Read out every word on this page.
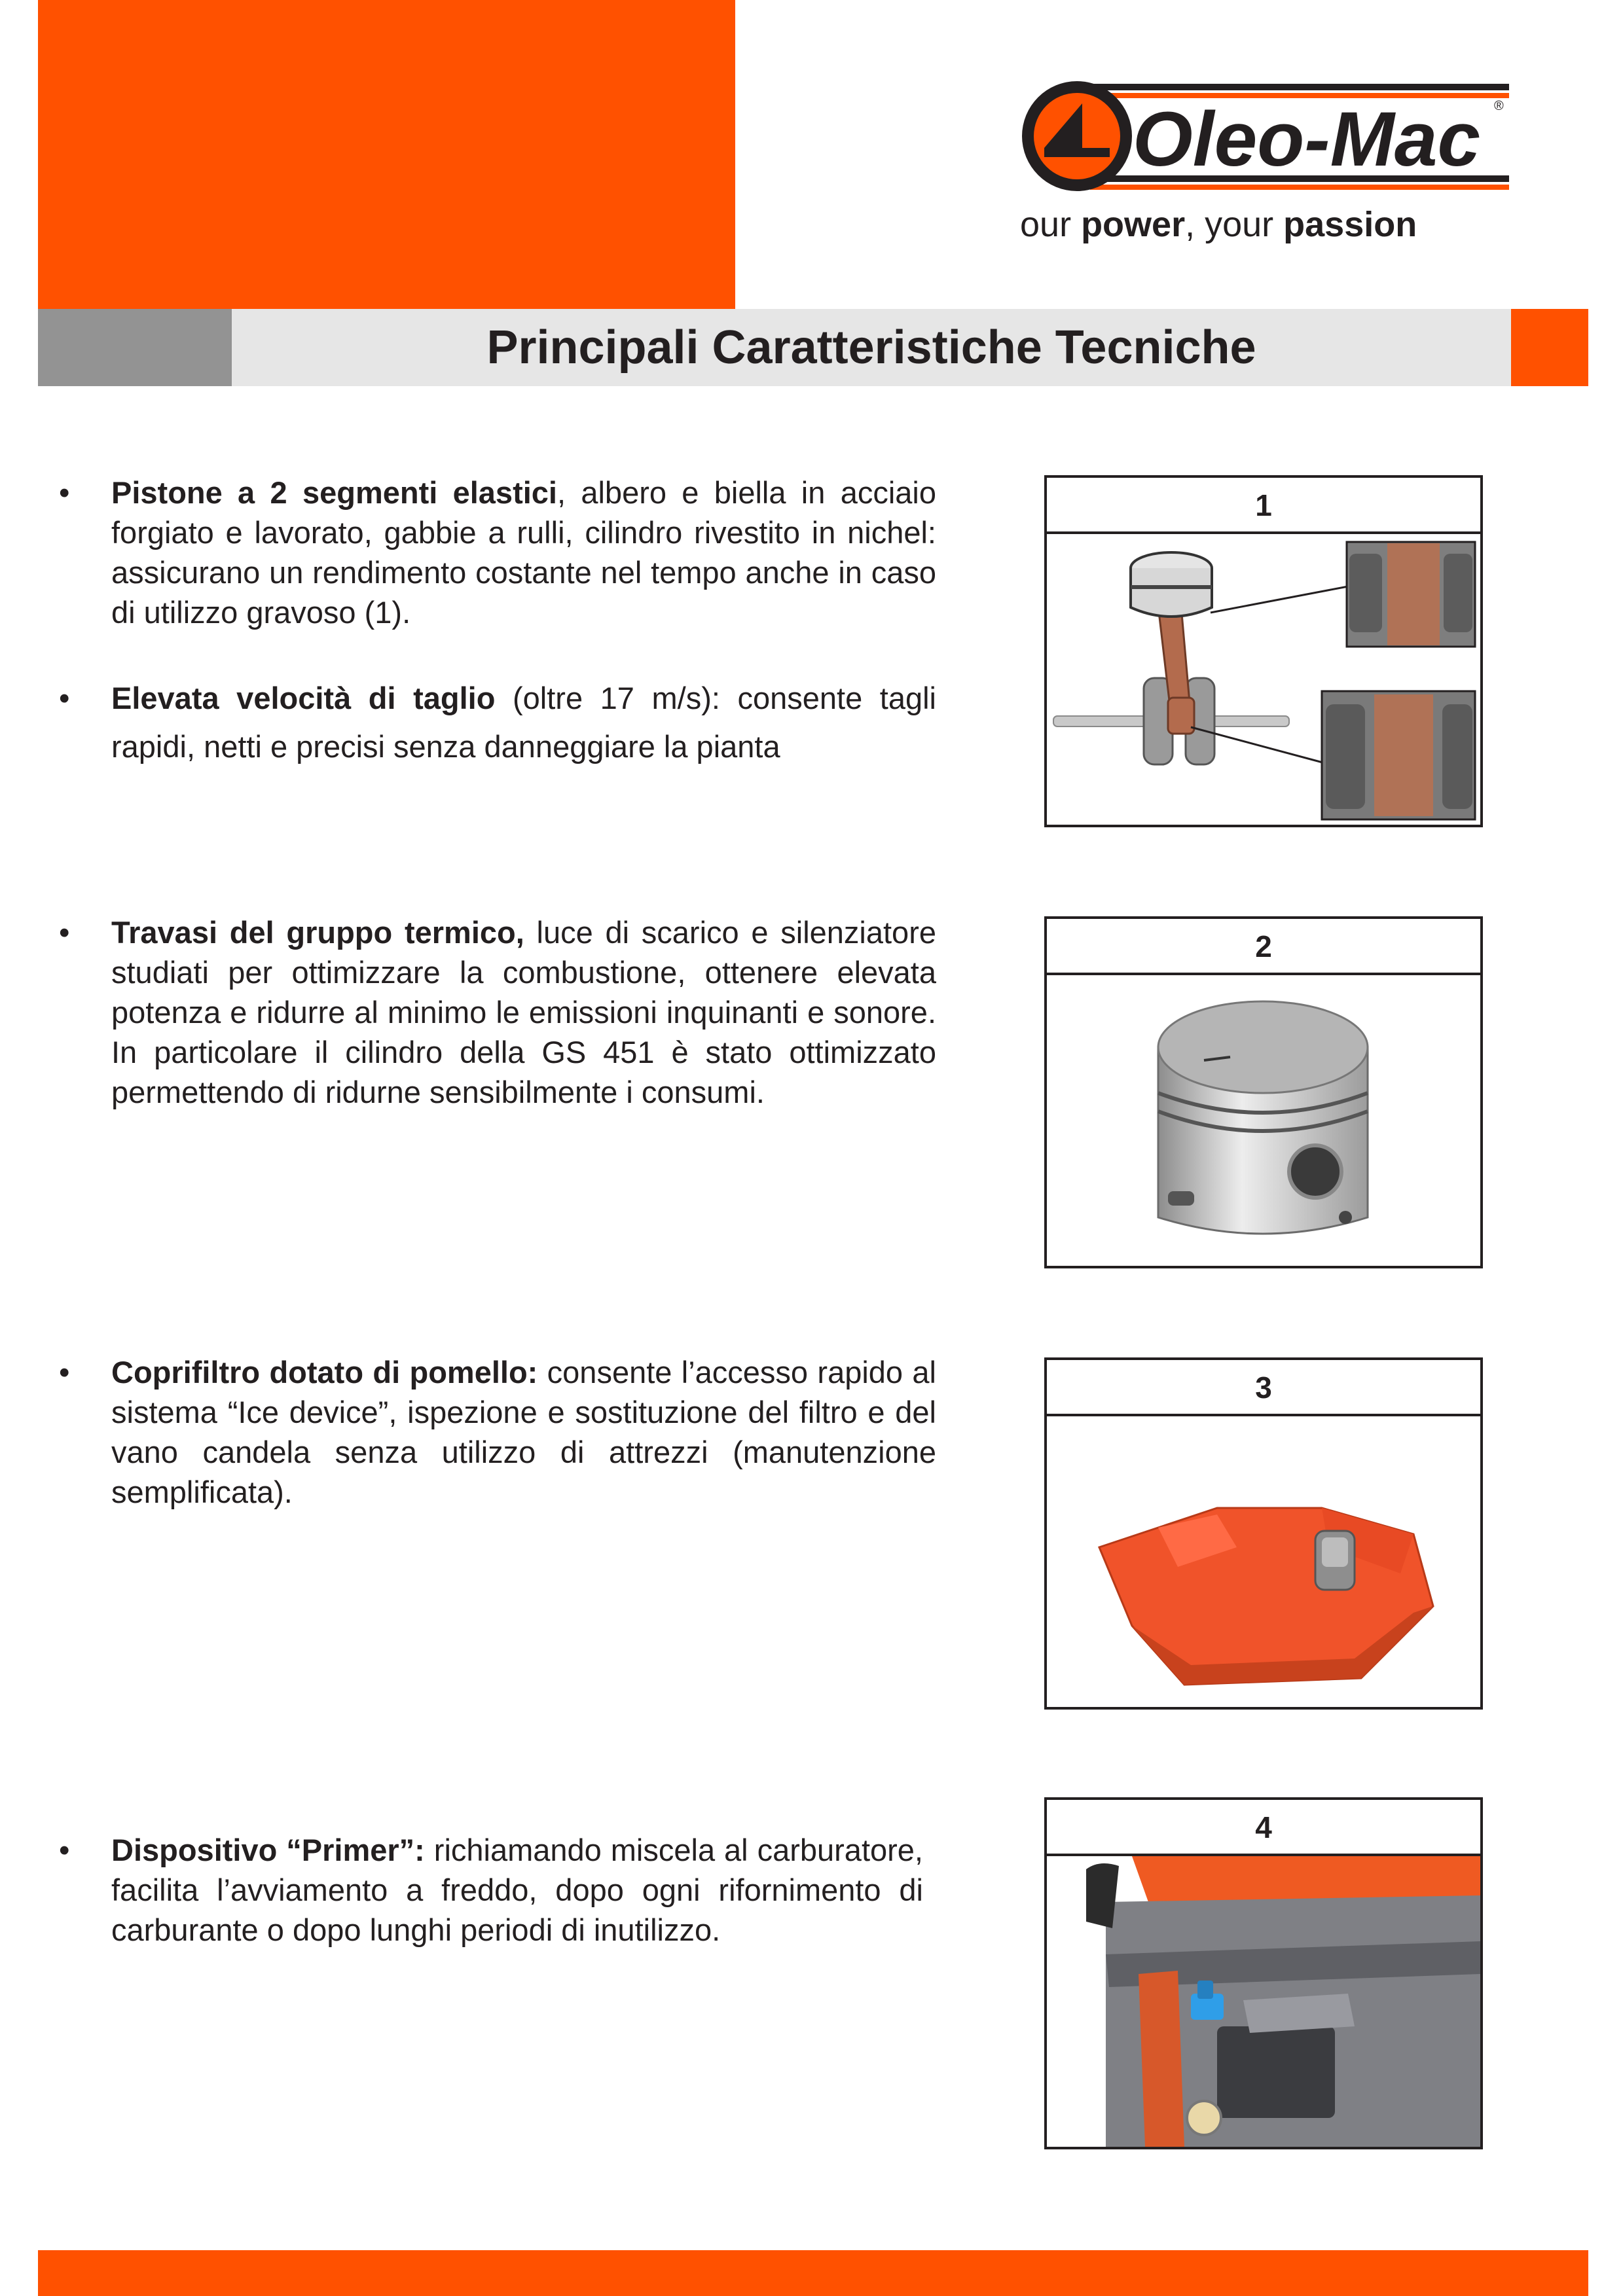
Oleo-Mac ®
our power, your passion
Principali Caratteristiche Tecniche
•	Pistone a 2 segmenti elastici, albero e biella in acciaio forgiato e lavorato, gabbie a rulli, cilindro rivestito in nichel: assicurano un rendimento costante nel tempo anche in caso di utilizzo gravoso (1).
•	Elevata velocità di taglio (oltre 17 m/s): consente tagli rapidi, netti e precisi senza danneggiare la pianta
•	Travasi del gruppo termico, luce di scarico e silenziatore studiati per ottimizzare la combustione, ottenere elevata potenza e ridurre al minimo le emissioni inquinanti e sonore. In particolare il cilindro della GS 451 è stato ottimizzato permettendo di ridurne sensibilmente i consumi.
•	Coprifiltro dotato di pomello: consente l’accesso rapido al sistema “Ice device”, ispezione e sostituzione del filtro e del vano candela senza utilizzo di attrezzi (manutenzione semplificata).
•	Dispositivo “Primer”: richiamando miscela al carburatore, facilita l’avviamento a freddo, dopo ogni rifornimento di carburante o dopo lunghi periodi di inutilizzo.
1
2
3
4
